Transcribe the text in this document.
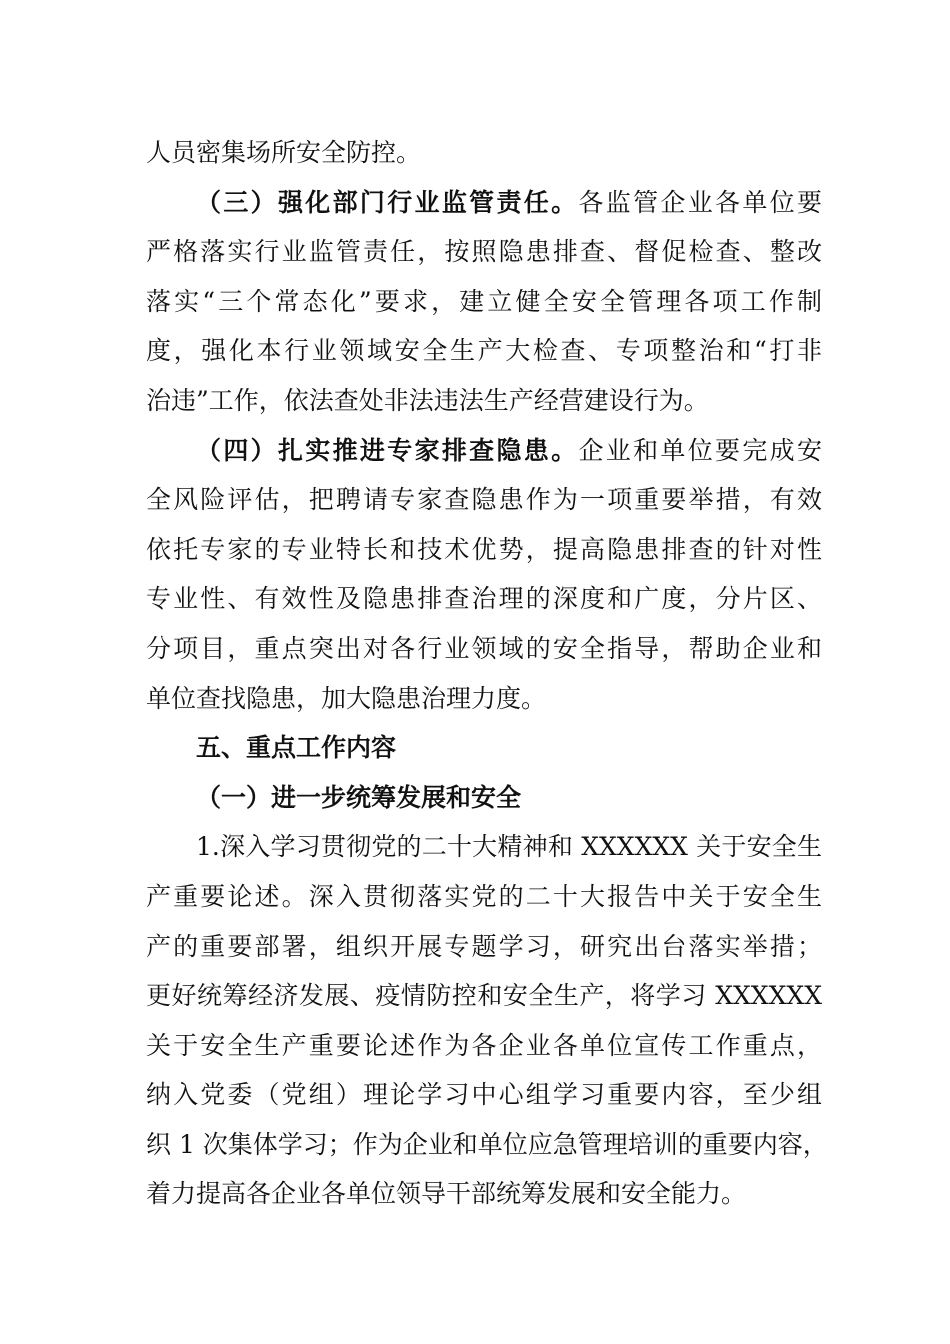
人员密集场所安全防控。
（三）强化部门行业监管责任。各监管企业各单位要
严格落实行业监管责任，按照隐患排查、督促检查、整改
落实“三个常态化”要求，建立健全安全管理各项工作制
度，强化本行业领域安全生产大检查、专项整治和“打非
治违”工作，依法查处非法违法生产经营建设行为。
（四）扎实推进专家排查隐患。企业和单位要完成安
全风险评估，把聘请专家查隐患作为一项重要举措，有效
依托专家的专业特长和技术优势，提高隐患排查的针对性
专业性、有效性及隐患排查治理的深度和广度，分片区、
分项目，重点突出对各行业领域的安全指导，帮助企业和
单位查找隐患，加大隐患治理力度。
五、重点工作内容
（一）进一步统筹发展和安全
1.深入学习贯彻党的二十大精神和 XXXXXX 关于安全生
产重要论述。深入贯彻落实党的二十大报告中关于安全生
产的重要部署，组织开展专题学习，研究出台落实举措；
更好统筹经济发展、疫情防控和安全生产，将学习 XXXXXX
关于安全生产重要论述作为各企业各单位宣传工作重点，
纳入党委（党组）理论学习中心组学习重要内容，至少组
织 1 次集体学习；作为企业和单位应急管理培训的重要内容，
着力提高各企业各单位领导干部统筹发展和安全能力。
